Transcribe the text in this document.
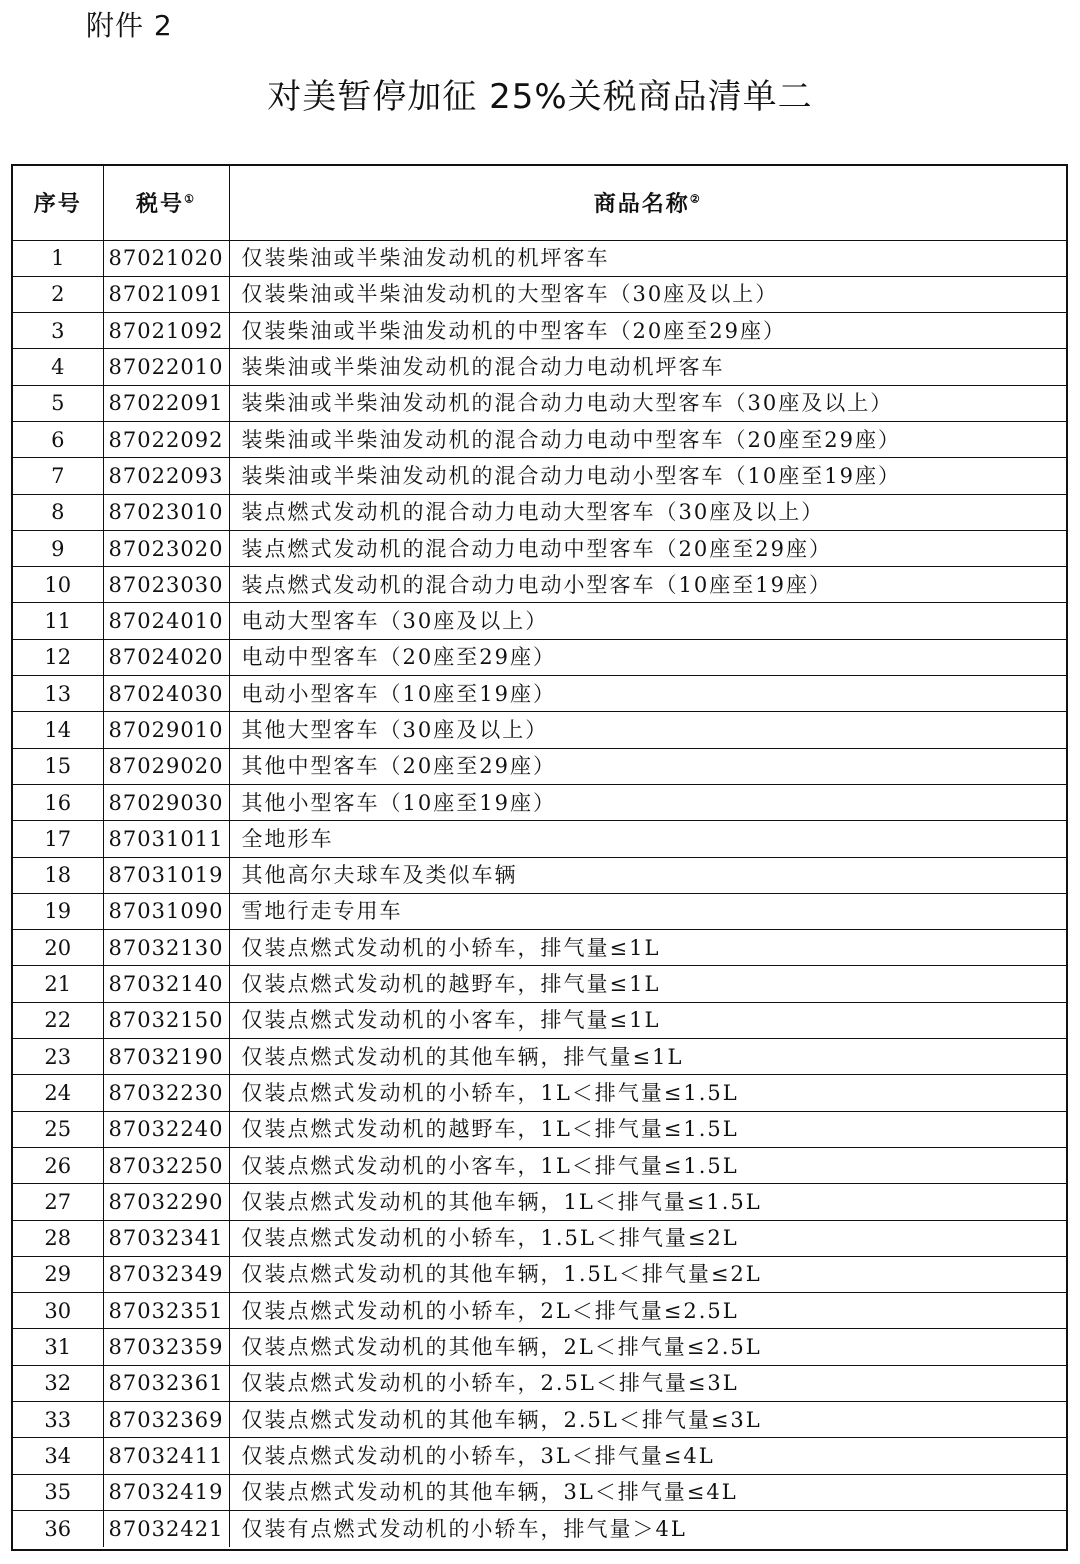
附件 2
对美暂停加征 25%关税商品清单二
序号	税号①	商品名称②
1	87021020	仅装柴油或半柴油发动机的机坪客车
2	87021091	仅装柴油或半柴油发动机的大型客车（30座及以上）
3	87021092	仅装柴油或半柴油发动机的中型客车（20座至29座）
4	87022010	装柴油或半柴油发动机的混合动力电动机坪客车
5	87022091	装柴油或半柴油发动机的混合动力电动大型客车（30座及以上）
6	87022092	装柴油或半柴油发动机的混合动力电动中型客车（20座至29座）
7	87022093	装柴油或半柴油发动机的混合动力电动小型客车（10座至19座）
8	87023010	装点燃式发动机的混合动力电动大型客车（30座及以上）
9	87023020	装点燃式发动机的混合动力电动中型客车（20座至29座）
10	87023030	装点燃式发动机的混合动力电动小型客车（10座至19座）
11	87024010	电动大型客车（30座及以上）
12	87024020	电动中型客车（20座至29座）
13	87024030	电动小型客车（10座至19座）
14	87029010	其他大型客车（30座及以上）
15	87029020	其他中型客车（20座至29座）
16	87029030	其他小型客车（10座至19座）
17	87031011	全地形车
18	87031019	其他高尔夫球车及类似车辆
19	87031090	雪地行走专用车
20	87032130	仅装点燃式发动机的小轿车，排气量≤1L
21	87032140	仅装点燃式发动机的越野车，排气量≤1L
22	87032150	仅装点燃式发动机的小客车，排气量≤1L
23	87032190	仅装点燃式发动机的其他车辆，排气量≤1L
24	87032230	仅装点燃式发动机的小轿车，1L＜排气量≤1.5L
25	87032240	仅装点燃式发动机的越野车，1L＜排气量≤1.5L
26	87032250	仅装点燃式发动机的小客车，1L＜排气量≤1.5L
27	87032290	仅装点燃式发动机的其他车辆，1L＜排气量≤1.5L
28	87032341	仅装点燃式发动机的小轿车，1.5L＜排气量≤2L
29	87032349	仅装点燃式发动机的其他车辆，1.5L＜排气量≤2L
30	87032351	仅装点燃式发动机的小轿车，2L＜排气量≤2.5L
31	87032359	仅装点燃式发动机的其他车辆，2L＜排气量≤2.5L
32	87032361	仅装点燃式发动机的小轿车，2.5L＜排气量≤3L
33	87032369	仅装点燃式发动机的其他车辆，2.5L＜排气量≤3L
34	87032411	仅装点燃式发动机的小轿车，3L＜排气量≤4L
35	87032419	仅装点燃式发动机的其他车辆，3L＜排气量≤4L
36	87032421	仅装有点燃式发动机的小轿车，排气量＞4L
